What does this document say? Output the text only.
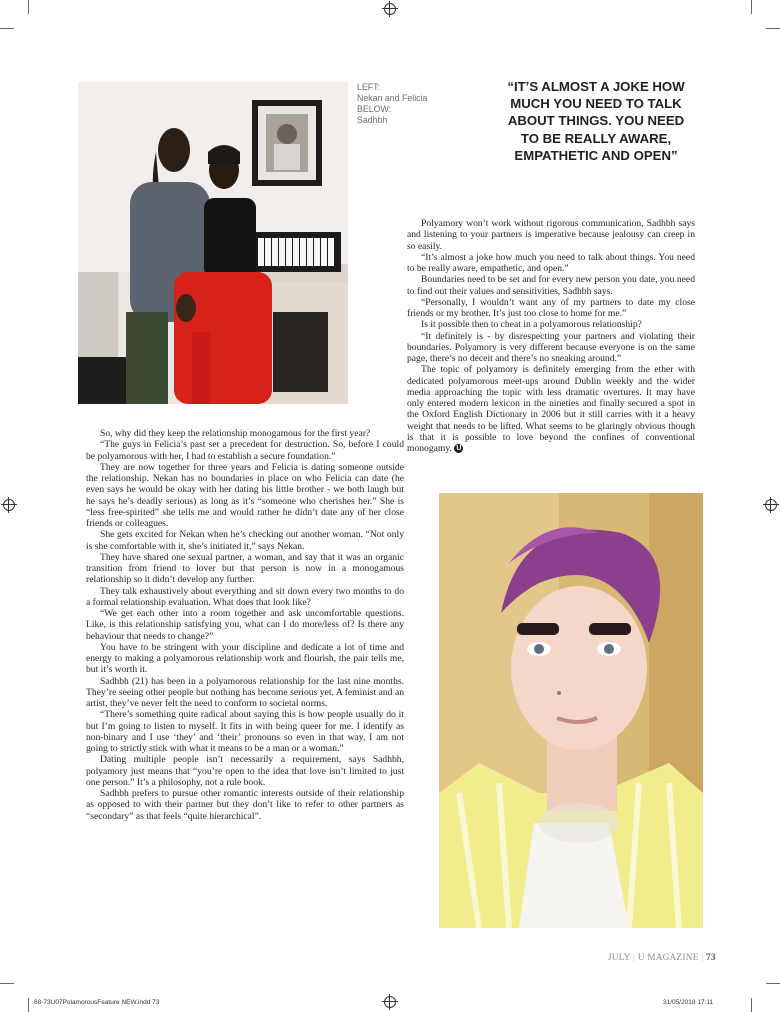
LEFT:
Nekan and Felicia
BELOW:
Sadhbh
“IT’S ALMOST A JOKE HOW
MUCH YOU NEED TO TALK
ABOUT THINGS. YOU NEED
TO BE REALLY AWARE,
EMPATHETIC AND OPEN”

So, why did they keep the relationship monogamous for the first year?

“The guys in Felicia’s past set a precedent for destruction. So, before I could be polyamorous with her, I had to establish a secure foundation.”

They are now together for three years and Felicia is dating someone outside the relationship. Nekan has no boundaries in place on who Felicia can date (he even says he would be okay with her dating his little brother - we both laugh but he says he’s deadly serious) as long as it’s “someone who cherishes her.” She is “less free-spirited” she tells me and would rather he didn’t date any of her close friends or colleagues.

She gets excited for Nekan when he’s checking out another woman. “Not only is she comfortable with it, she’s initiated it,” says Nekan.

They have shared one sexual partner, a woman, and say that it was an organic transition from friend to lover but that person is now in a monogamous relationship so it didn’t develop any further.

They talk exhaustively about everything and sit down every two months to do a formal relationship evaluation. What does that look like?

“We get each other into a room together and ask uncomfortable questions. Like, is this relationship satisfying you, what can I do more/less of? Is there any behaviour that needs to change?”

You have to be stringent with your discipline and dedicate a lot of time and energy to making a polyamorous relationship work and flourish, the pair tells me, but it’s worth it.

Sadhbh (21) has been in a polyamorous relationship for the last nine months. They’re seeing other people but nothing has become serious yet. A feminist and an artist, they’ve never felt the need to conform to societal norms.

“There’s something quite radical about saying this is how people usually do it but I’m going to listen to myself. It fits in with being queer for me. I identify as non-binary and I use ‘they’ and ‘their’ pronouns so even in that way, I am not going to strictly stick with what it means to be a man or a woman.”

Dating multiple people isn’t necessarily a requirement, says Sadhbh, polyamory just means that “you’re open to the idea that love isn’t limited to just one person.” It’s a philosophy, not a rule book.

Sadhbh prefers to pursue other romantic interests outside of their relationship as opposed to with their partner but they don’t like to refer to other partners as “secondary” as that feels “quite hierarchical”.

Polyamory won’t work without rigorous communication, Sadhbh says and listening to your partners is imperative because jealousy can creep in so easily.

“It’s almost a joke how much you need to talk about things. You need to be really aware, empathetic, and open.”

Boundaries need to be set and for every new person you date, you need to find out their values and sensitivities, Sadhbh says.

“Personally, I wouldn’t want any of my partners to date my close friends or my brother. It’s just too close to home for me.”

Is it possible then to cheat in a polyamorous relationship?

“It definitely is - by disrespecting your partners and violating their boundaries. Polyamory is very different because everyone is on the same page, there’s no deceit and there’s no sneaking around.”

The topic of polyamory is definitely emerging from the ether with dedicated polyamorous meet-ups around Dublin weekly and the wider media approaching the topic with less dramatic overtures. It may have only entered modern lexicon in the nineties and finally secured a spot in the Oxford English Dictionary in 2006 but it still carries with it a heavy weight that needs to be lifted. What seems to be glaringly obvious though is that it is possible to love beyond the confines of conventional monogamy. U

JULY | U MAGAZINE | 73
68-73U07PolamorousFeature NEW.indd 73	31/05/2018 17:11
